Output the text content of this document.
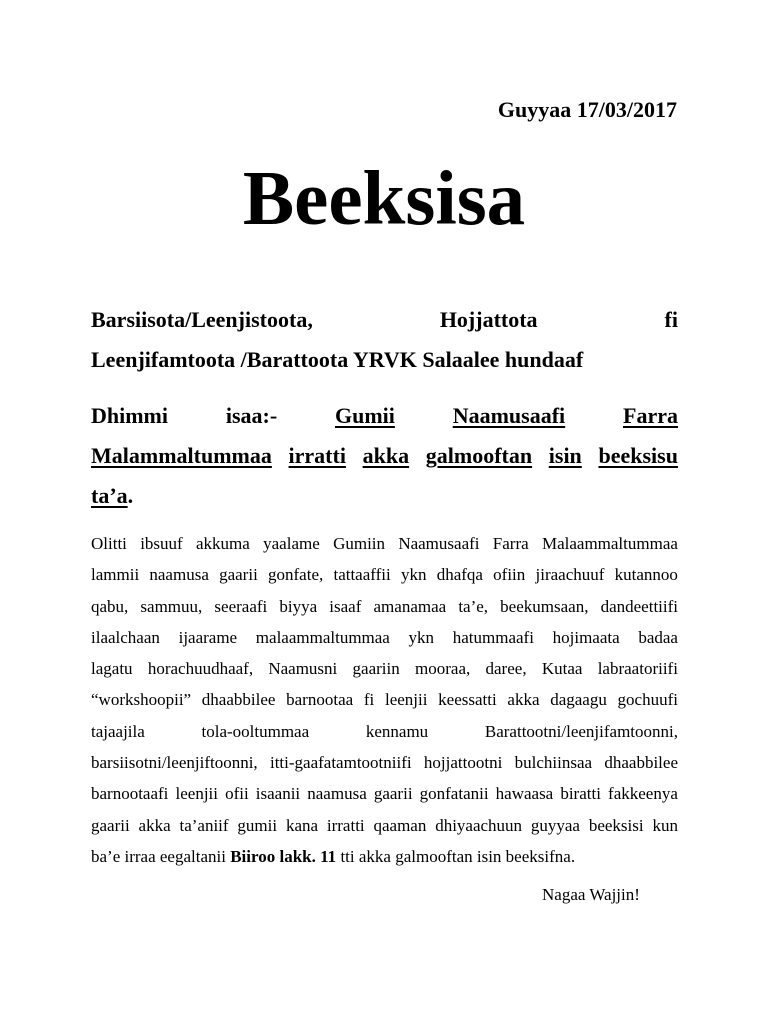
Guyyaa 17/03/2017
Beeksisa
Barsiisota/Leenjistoota,	Hojjattota	fi
Leenjifamtoota /Barattoota YRVK Salaalee hundaaf
Dhimmi	isaa:-	Gumii	Naamusaafi	Farra
Malammaltummaa irratti akka galmooftan isin beeksisu
ta’a.
Olitti ibsuuf akkuma yaalame Gumiin Naamusaafi Farra Malaammaltummaa
lammii naamusa gaarii gonfate, tattaaffii ykn dhafqa ofiin jiraachuuf kutannoo
qabu, sammuu, seeraafi biyya isaaf amanamaa ta’e, beekumsaan, dandeettiifi
ilaalchaan ijaarame malaammaltummaa ykn hatummaafi hojimaata badaa
lagatu horachuudhaaf, Naamusni gaariin mooraa, daree, Kutaa labraatoriifi
“workshoopii” dhaabbilee barnootaa fi leenjii keessatti akka dagaagu gochuufi
tajaajila	tola-ooltummaa	kennamu	Barattootni/leenjifamtoonni,
barsiisotni/leenjiftoonni, itti-gaafatamtootniifi hojjattootni bulchiinsaa dhaabbilee
barnootaafi leenjii ofii isaanii naamusa gaarii gonfatanii hawaasa biratti fakkeenya
gaarii akka ta’aniif gumii kana irratti qaaman dhiyaachuun guyyaa beeksisi kun
ba’e irraa eegaltanii Biiroo lakk. 11 tti akka galmooftan isin beeksifna.
Nagaa Wajjin!
